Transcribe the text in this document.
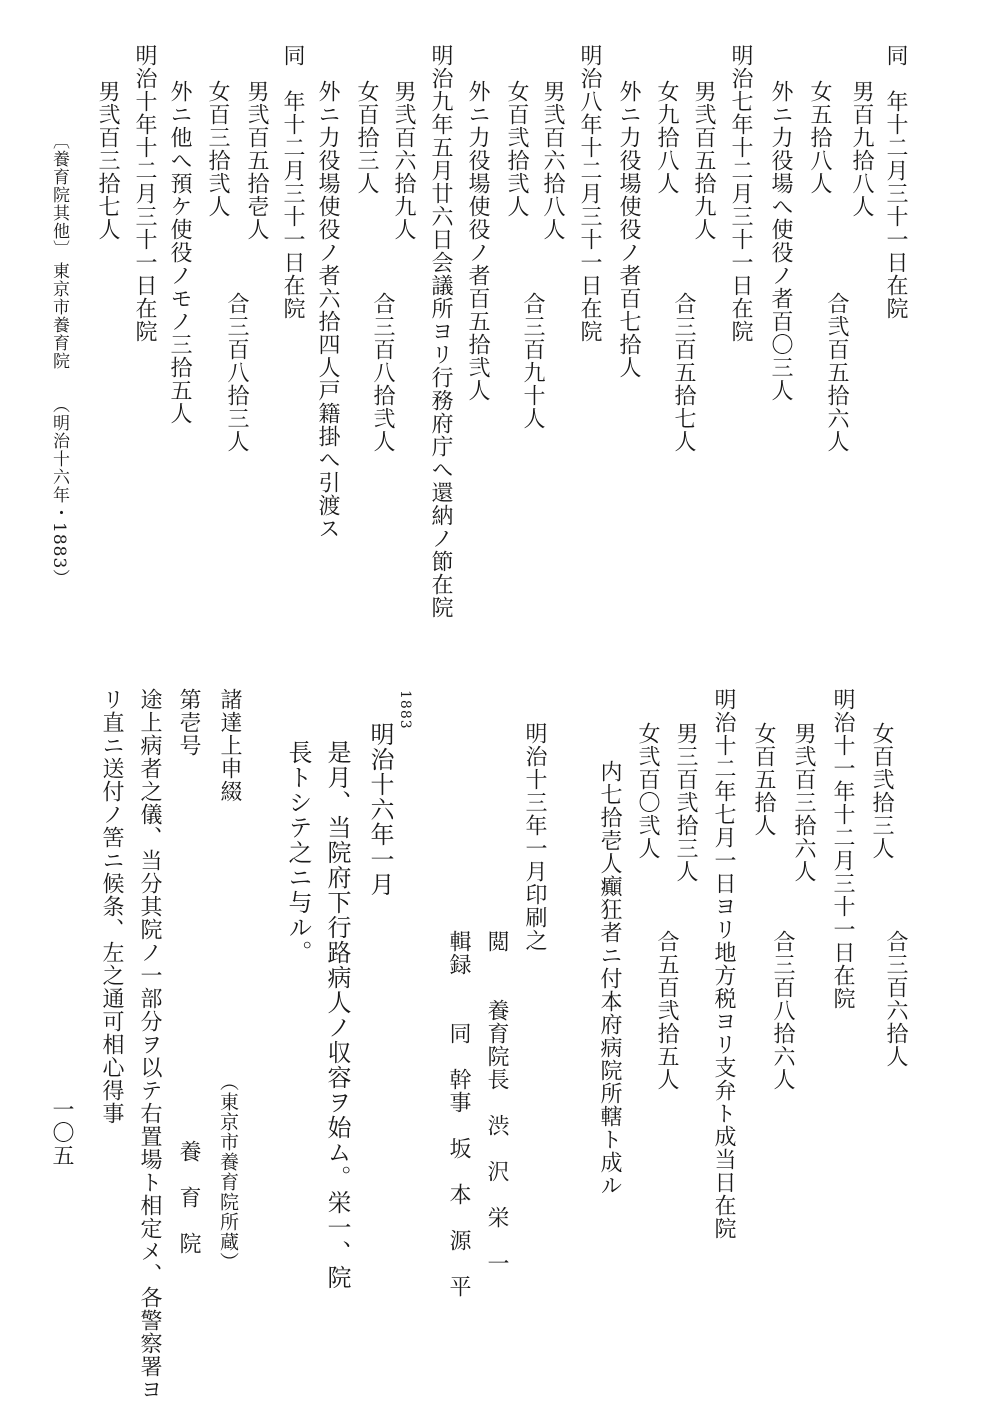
同　年十二月三十一日在院
男百九拾八人
合弐百五拾六人
女五拾八人
外ニ力役場へ使役ノ者百〇三人
明治七年十二月三十一日在院
男弐百五拾九人
合三百五拾七人
女九拾八人
外ニ力役場使役ノ者百七拾人
明治八年十二月三十一日在院
男弐百六拾八人
合三百九十人
女百弐拾弐人
外ニ力役場使役ノ者百五拾弐人
明治九年五月廿六日会議所ヨリ行務府庁へ還納ノ節在院
男弐百六拾九人
合三百八拾弐人
女百拾三人
外ニ力役場使役ノ者六拾四人戸籍掛へ引渡ス
同　年十二月三十一日在院
男弐百五拾壱人
合三百八拾三人
女百三拾弐人
外ニ他へ預ケ使役ノモノ三拾五人
明治十年十二月三十一日在院
男弐百三拾七人
〔養育院其他〕
東京市養育院
（明治十六年・1883）
女百弐拾三人
合三百六拾人
明治十一年十二月三十一日在院
男弐百三拾六人
女百五拾人
合三百八拾六人
明治十二年七月一日ヨリ地方税ヨリ支弁ト成当日在院
男三百弐拾三人
女弐百〇弐人
合五百弐拾五人
内七拾壱人癲狂者ニ付本府病院所轄ト成ル
明治十三年一月印刷之
閲　　養育院長　渋　沢　栄　一
輯録　　同　幹事　坂　本　源　平
1883
明治十六年一月
是月、当院府下行路病人ノ収容ヲ始ム。栄一、院
長トシテ之ニ与ル。
諸達上申綴
（東京市養育院所蔵）
第壱号
養　育　院
途上病者之儀、当分其院ノ一部分ヲ以テ右置場ト相定メ、各警察署ヨ
リ直ニ送付ノ筈ニ候条、左之通可相心得事
一〇五
